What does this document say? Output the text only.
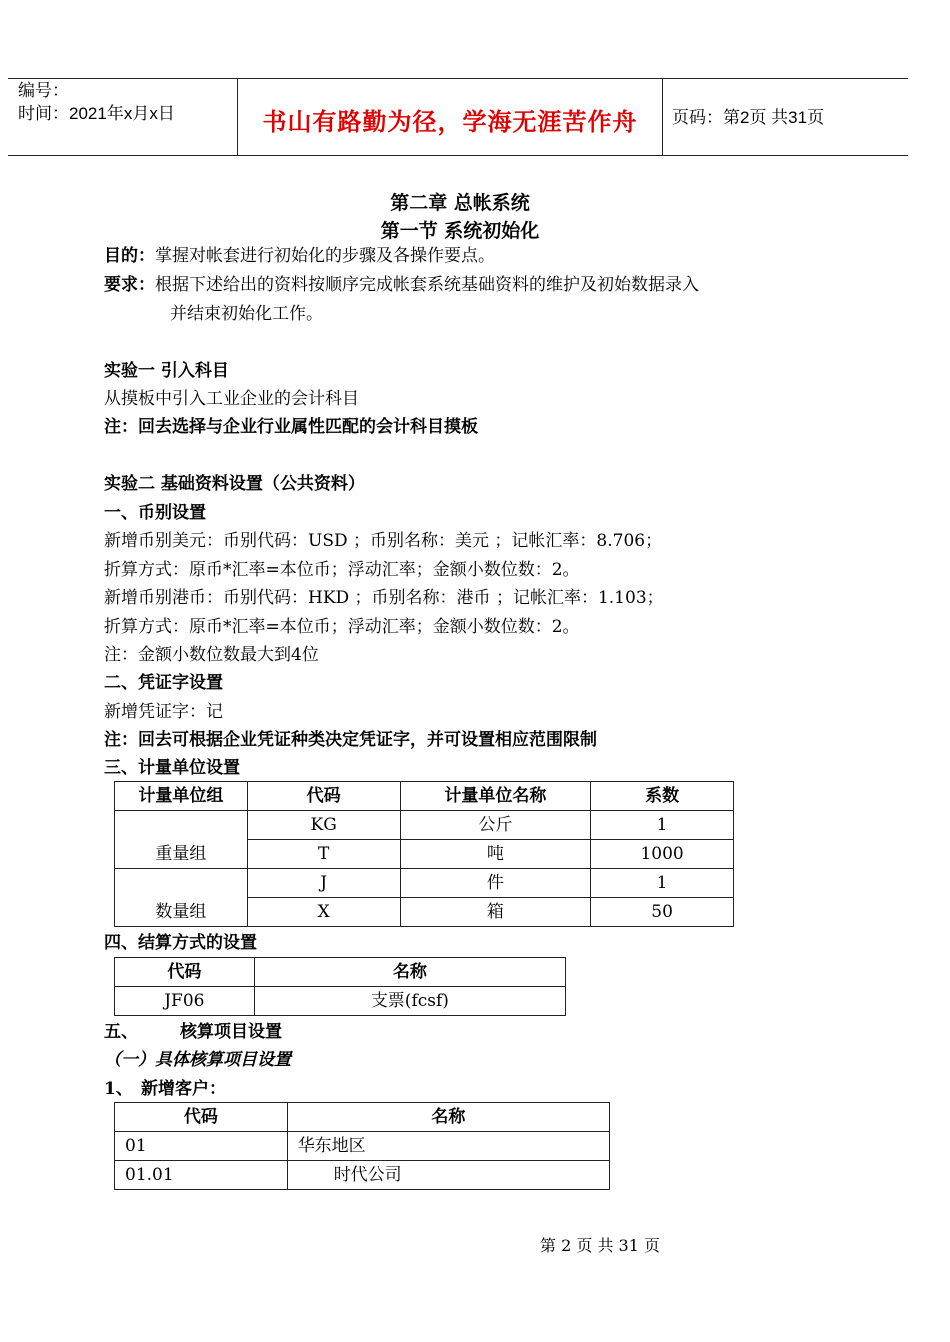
编号：
时间：2021年x月x日	书山有路勤为径，学海无涯苦作舟	页码：第2页 共31页
第二章 总帐系统
第一节 系统初始化
目的：掌握对帐套进行初始化的步骤及各操作要点。
要求：根据下述给出的资料按顺序完成帐套系统基础资料的维护及初始数据录入
并结束初始化工作。
实验一 引入科目
从摸板中引入工业企业的会计科目
注：回去选择与企业行业属性匹配的会计科目摸板
实验二 基础资料设置（公共资料）
一、币别设置
新增币别美元：币别代码：USD ；币别名称：美元 ；记帐汇率：8.706；
折算方式：原币*汇率=本位币；浮动汇率；金额小数位数：2。
新增币别港币：币别代码：HKD ；币别名称：港币 ；记帐汇率：1.103；
折算方式：原币*汇率=本位币；浮动汇率；金额小数位数：2。
注：金额小数位数最大到4位
二、凭证字设置
新增凭证字：记
注：回去可根据企业凭证种类决定凭证字，并可设置相应范围限制
三、计量单位设置
计量单位组	代码	计量单位名称	系数
重量组	KG	公斤	1
	T	吨	1000
数量组	J	件	1
	X	箱	50
四、结算方式的设置
代码	名称
JF06	支票(fcsf)
五、 核算项目设置
（一）具体核算项目设置
1、 新增客户：
代码	名称
01	华东地区
01.01	时代公司
第 2 页 共 31 页
